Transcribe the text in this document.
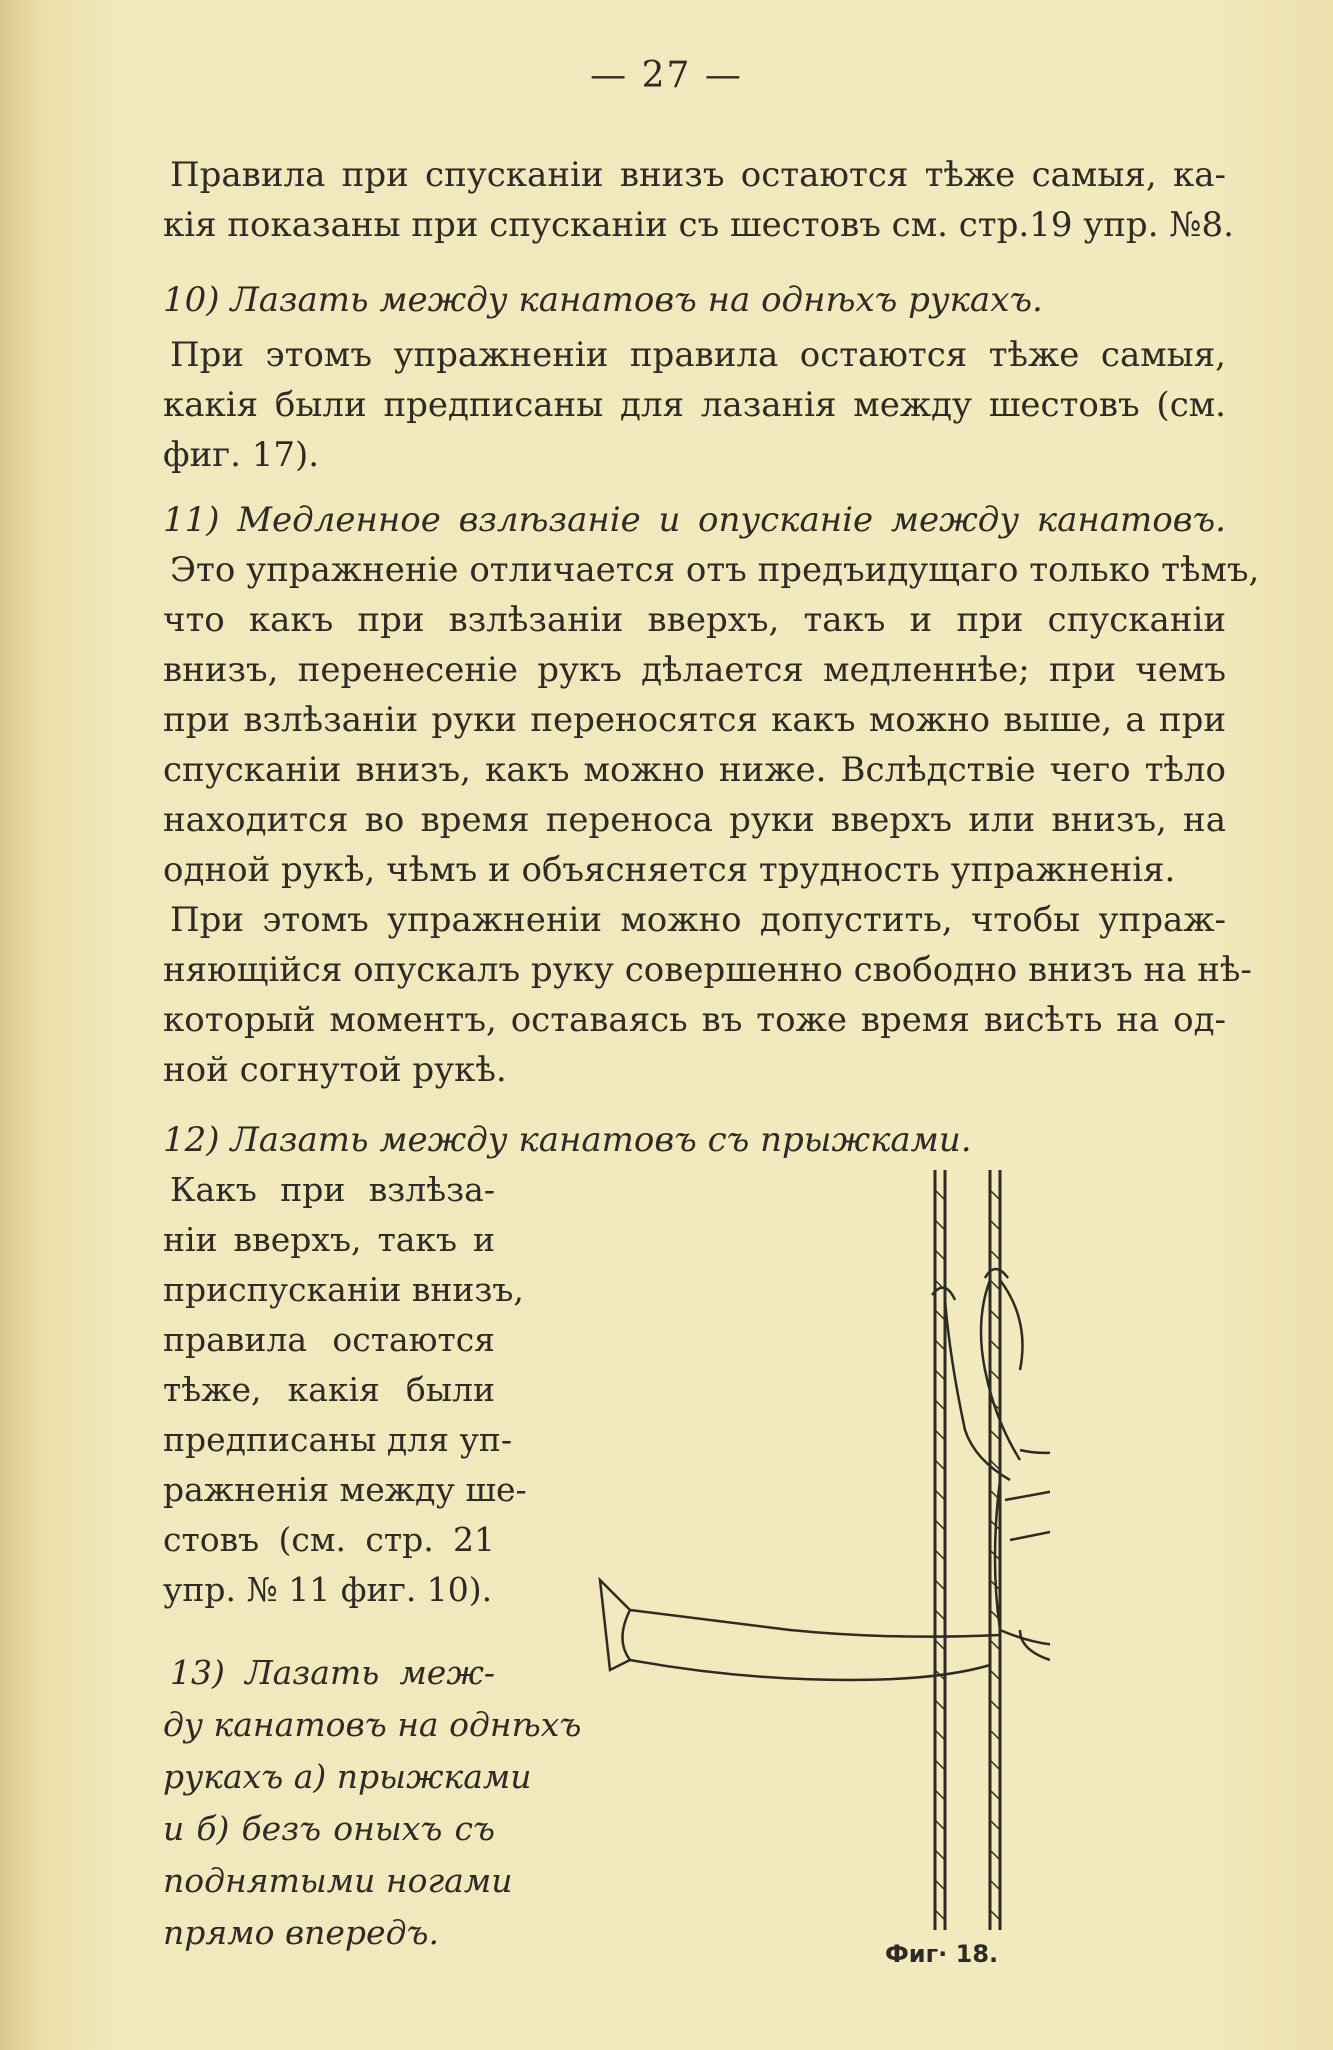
— 27 —
Правила при спусканiи внизъ остаются тѣже самыя, ка-
кiя показаны при спусканiи съ шестовъ см. стр.19 упр. №8.
10) Лазать между канатовъ на однѣхъ рукахъ.
При этомъ упражненiи правила остаются тѣже самыя,
какiя были предписаны для лазанiя между шестовъ (см.
фиг. 17).
11) Медленное взлѣзанiе и опусканiе между канатовъ.
Это упражненiе отличается отъ предъидущаго только тѣмъ,
что какъ при взлѣзанiи вверхъ, такъ и при спусканiи
внизъ, перенесенiе рукъ дѣлается медленнѣе; при чемъ
при взлѣзанiи руки переносятся какъ можно выше, а при
спусканiи внизъ, какъ можно ниже. Вслѣдствiе чего тѣло
находится во время переноса руки вверхъ или внизъ, на
одной рукѣ, чѣмъ и объясняется трудность упражненiя.
При этомъ упражненiи можно допустить, чтобы упраж-
няющiйся опускалъ руку совершенно свободно внизъ на нѣ-
который моментъ, оставаясь въ тоже время висѣть на од-
ной согнутой рукѣ.
12) Лазать между канатовъ съ прыжками.
Какъ при взлѣза-
нiи вверхъ, такъ и
приспусканiи внизъ,
правила остаются
тѣже, какiя были
предписаны для уп-
ражненiя между ше-
стовъ (см. стр. 21
упр. № 11 фиг. 10).
13) Лазать меж-
ду канатовъ на однѣхъ
рукахъ а) прыжками
и б) безъ оныхъ съ
поднятыми ногами
прямо впередъ.
Фиг· 18.
